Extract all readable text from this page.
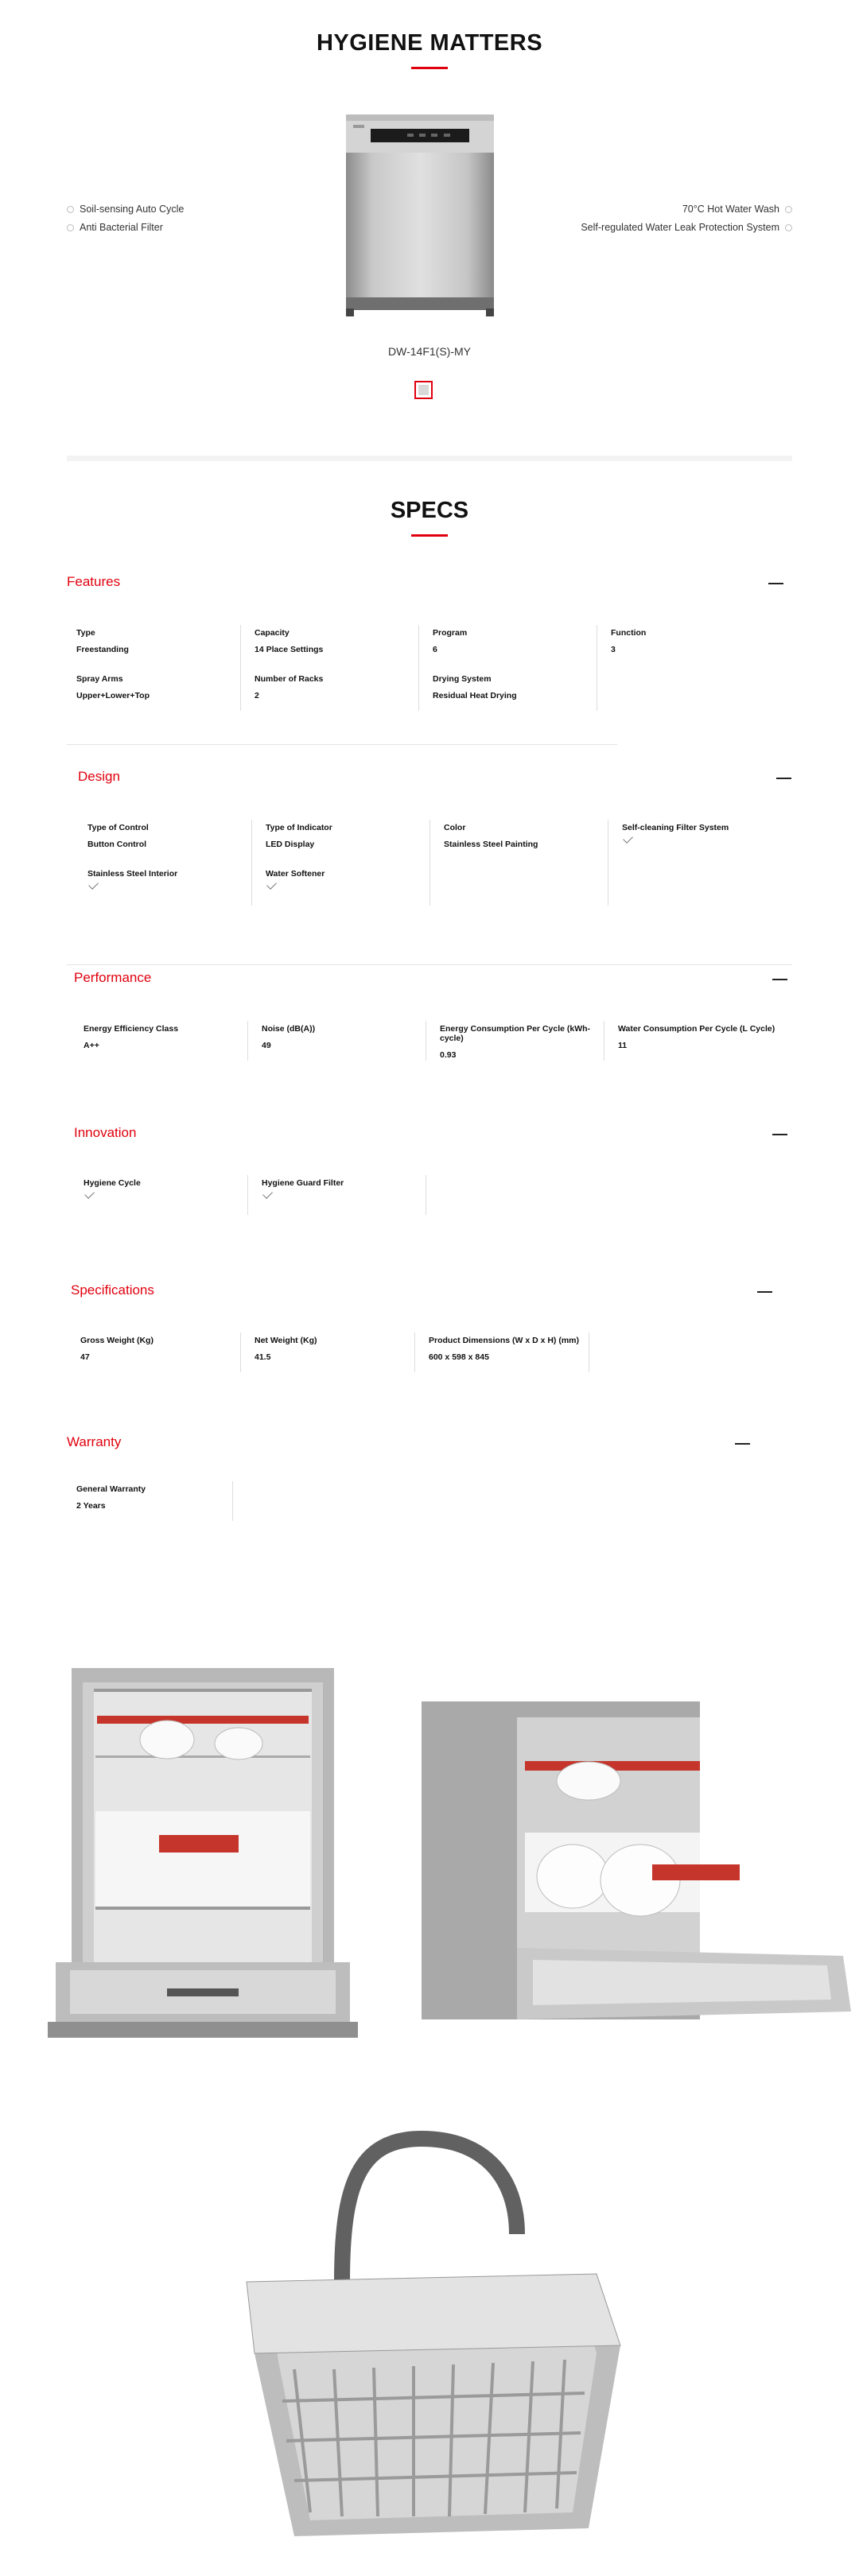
HYGIENE MATTERS
Soil-sensing Auto Cycle
Anti Bacterial Filter
70°C Hot Water Wash
Self-regulated Water Leak Protection System
DW-14F1(S)-MY
SPECS
Features
Type
Freestanding
Capacity
14 Place Settings
Program
6
Function
3
Spray Arms
Upper+Lower+Top
Number of Racks
2
Drying System
Residual Heat Drying
Design
Type of Control
Button Control
Type of Indicator
LED Display
Color
Stainless Steel Painting
Self-cleaning Filter System
Stainless Steel Interior	Water Softener
Performance
Energy Efficiency Class
A++
Noise (dB(A))
49
Energy Consumption Per Cycle (kWh-cycle)
0.93
Water Consumption Per Cycle (L Cycle)
11
Innovation
Hygiene Cycle	Hygiene Guard Filter
Specifications
Gross Weight (Kg)
47
Net Weight (Kg)
41.5
Product Dimensions (W x D x H) (mm)
600 x 598 x 845
Warranty
General Warranty
2 Years
